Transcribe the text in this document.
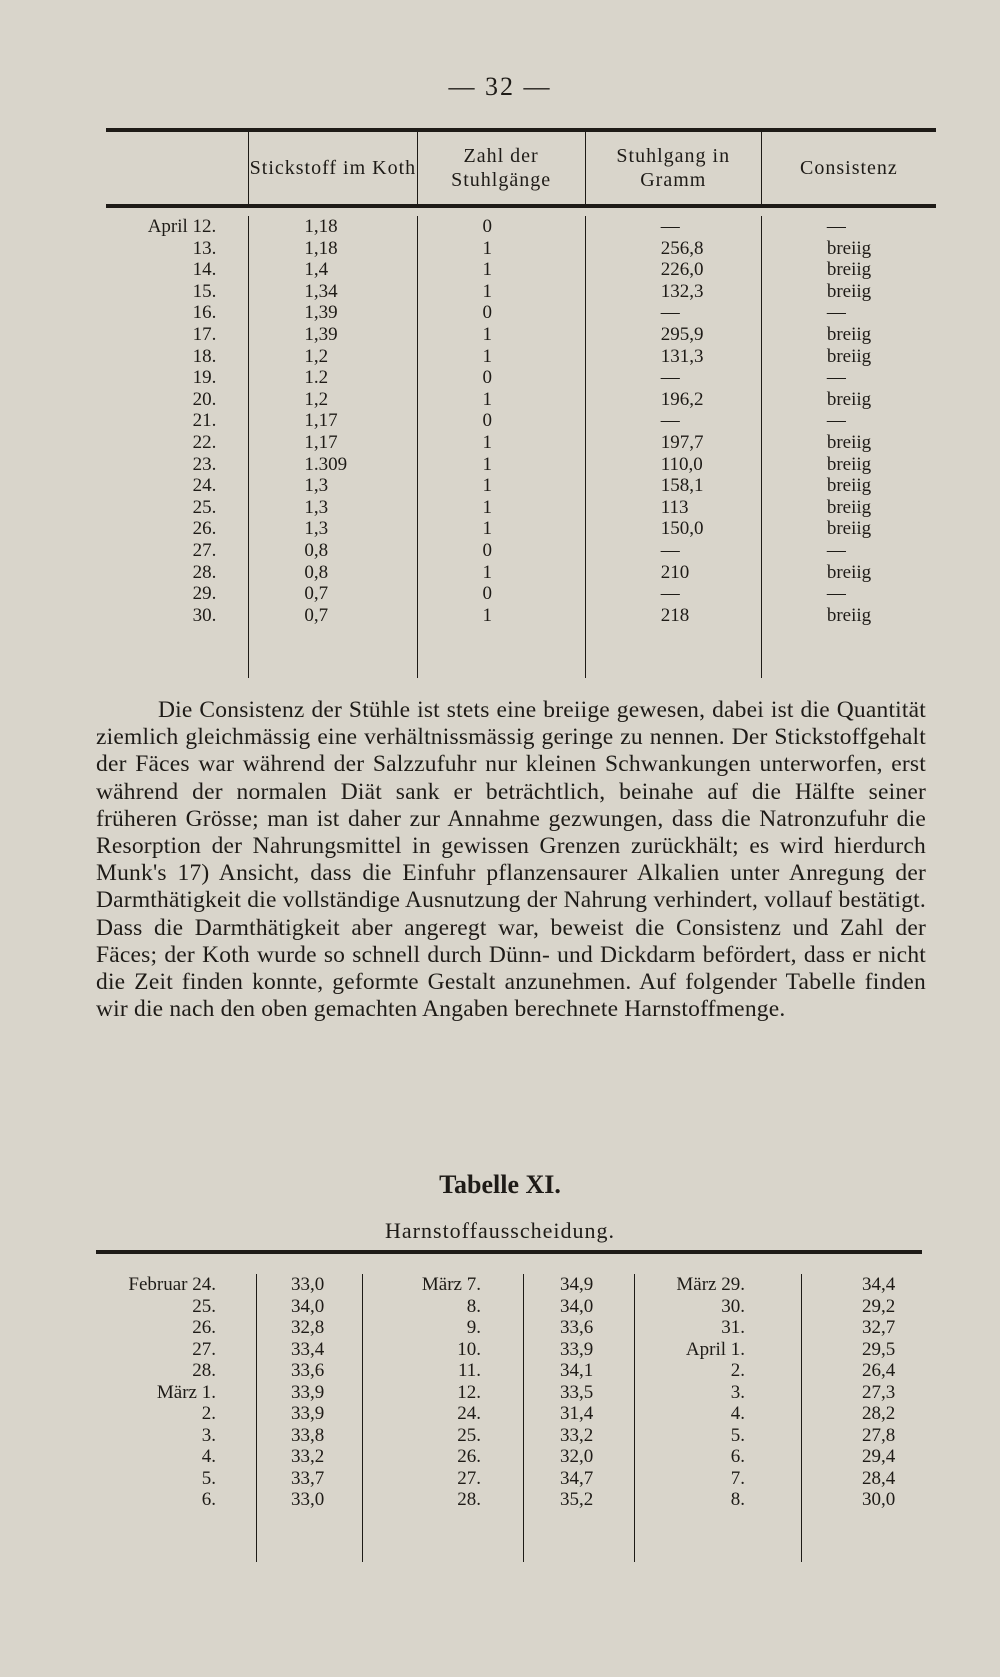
— 32 —
Stickstoff im Koth
Zahl der Stuhlgänge
Stuhlgang in Gramm
Consistenz
April 12.
13.
14.
15.
16.
17.
18.
19.
20.
21.
22.
23.
24.
25.
26.
27.
28.
29.
30.
1,18
1,18
1,4
1,34
1,39
1,39
1,2
1.2
1,2
1,17
1,17
1.309
1,3
1,3
1,3
0,8
0,8
0,7
0,7
0
1
1
1
0
1
1
0
1
0
1
1
1
1
1
0
1
0
1
—
256,8
226,0
132,3
—
295,9
131,3
—
196,2
—
197,7
110,0
158,1
113
150,0
—
210
—
218
—
breiig
breiig
breiig
—
breiig
breiig
—
breiig
—
breiig
breiig
breiig
breiig
breiig
—
breiig
—
breiig

Die Consistenz der Stühle ist stets eine breiige gewesen, dabei ist die Quantität ziemlich gleichmässig eine verhältnissmässig geringe zu nennen. Der Stickstoffgehalt der Fäces war während der Salzzufuhr nur kleinen Schwankungen unterworfen, erst während der normalen Diät sank er beträchtlich, beinahe auf die Hälfte seiner früheren Grösse; man ist daher zur Annahme gezwungen, dass die Natronzufuhr die Resorption der Nahrungsmittel in gewissen Grenzen zurückhält; es wird hierdurch Munk's 17) Ansicht, dass die Einfuhr pflanzensaurer Alkalien unter Anregung der Darmthätigkeit die vollständige Ausnutzung der Nahrung verhindert, vollauf bestätigt. Dass die Darmthätigkeit aber angeregt war, beweist die Consistenz und Zahl der Fäces; der Koth wurde so schnell durch Dünn- und Dickdarm befördert, dass er nicht die Zeit finden konnte, geformte Gestalt anzunehmen. Auf folgender Tabelle finden wir die nach den oben gemachten Angaben berechnete Harnstoffmenge.

Tabelle XI.
Harnstoffausscheidung.
Februar 24.
25.
26.
27.
28.
März 1.
2.
3.
4.
5.
6.
33,0
34,0
32,8
33,4
33,6
33,9
33,9
33,8
33,2
33,7
33,0
März 7.
8.
9.
10.
11.
12.
24.
25.
26.
27.
28.
34,9
34,0
33,6
33,9
34,1
33,5
31,4
33,2
32,0
34,7
35,2
März 29.
30.
31.
April 1.
2.
3.
4.
5.
6.
7.
8.
34,4
29,2
32,7
29,5
26,4
27,3
28,2
27,8
29,4
28,4
30,0
